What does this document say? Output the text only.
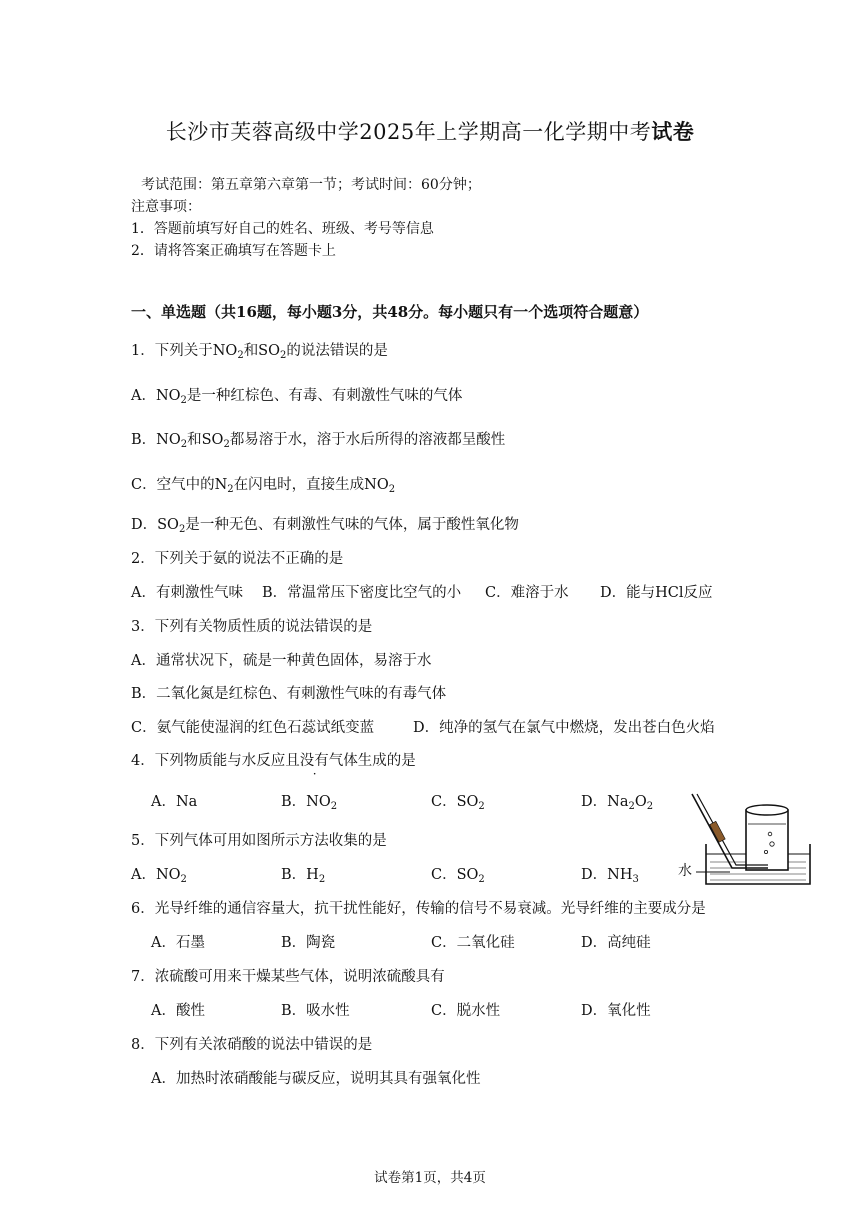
长沙市芙蓉高级中学2025年上学期高一化学期中考试卷
考试范围：第五章第六章第一节；考试时间：60分钟；
注意事项：
1．答题前填写好自己的姓名、班级、考号等信息
2．请将答案正确填写在答题卡上
一、单选题（共16题，每小题3分，共48分。每小题只有一个选项符合题意）
1．下列关于$NO_2$和$SO_2$的说法错误的是
A．$NO_2$是一种红棕色、有毒、有刺激性气味的气体
B．$NO_2$和$SO_2$都易溶于水，溶于水后所得的溶液都呈酸性
C．空气中的$N_2$在闪电时，直接生成$NO_2$
D．$SO_2$是一种无色、有刺激性气味的气体，属于酸性氧化物
2．下列关于氨的说法不正确的是
A．有刺激性气味 B．常温常压下密度比空气的小 C．难溶于水 D．能与HCl反应
3．下列有关物质性质的说法错误的是
A．通常状况下，硫是一种黄色固体，易溶于水
B．二氧化氮是红棕色、有刺激性气味的有毒气体
C．氨气能使湿润的红色石蕊试纸变蓝	D．纯净的氢气在氯气中燃烧，发出苍白色火焰
4．下列物质能与水反应且没有气体生成的是
A．Na	B．$NO_2$	C．$SO_2$	D．$Na_2O_2$
5．下列气体可用如图所示方法收集的是
A．$NO_2$	B．$H_2$	C．$SO_2$	D．$NH_3$
水
6．光导纤维的通信容量大，抗干扰性能好，传输的信号不易衰减。光导纤维的主要成分是
A．石墨	B．陶瓷	C．二氧化硅	D．高纯硅
7．浓硫酸可用来干燥某些气体，说明浓硫酸具有
A．酸性	B．吸水性	C．脱水性	D．氧化性
8．下列有关浓硝酸的说法中错误的是
A．加热时浓硝酸能与碳反应，说明其具有强氧化性
试卷第1页，共4页
